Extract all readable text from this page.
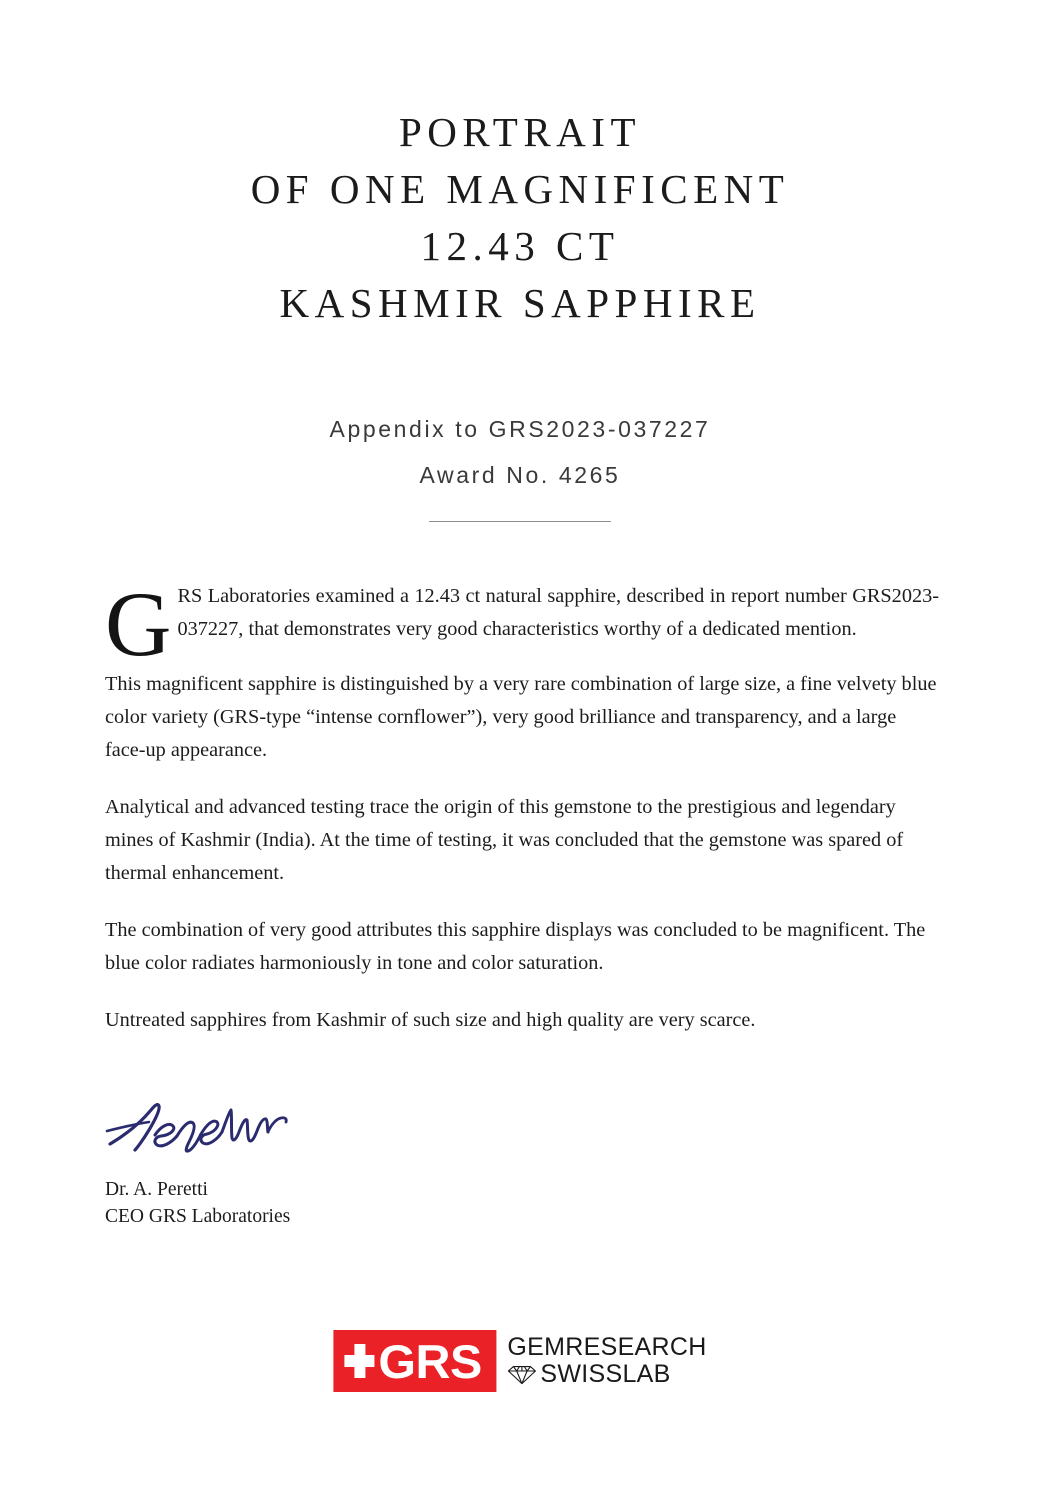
PORTRAIT
OF ONE MAGNIFICENT
12.43 CT
KASHMIR SAPPHIRE
Appendix to GRS2023-037227
Award No. 4265

GRS Laboratories examined a 12.43 ct natural sapphire, described in report number GRS2023-037227, that demonstrates very good characteristics worthy of a dedicated mention.

This magnificent sapphire is distinguished by a very rare combination of large size, a fine velvety blue color variety (GRS-type “intense cornflower”), very good brilliance and transparency, and a large face-up appearance.

Analytical and advanced testing trace the origin of this gemstone to the prestigious and legendary mines of Kashmir (India). At the time of testing, it was concluded that the gemstone was spared of thermal enhancement.

The combination of very good attributes this sapphire displays was concluded to be magnificent. The blue color radiates harmoniously in tone and color saturation.

Untreated sapphires from Kashmir of such size and high quality are very scarce.

Dr. A. Peretti
CEO GRS Laboratories
GRS GEMRESEARCH
SWISSLAB
